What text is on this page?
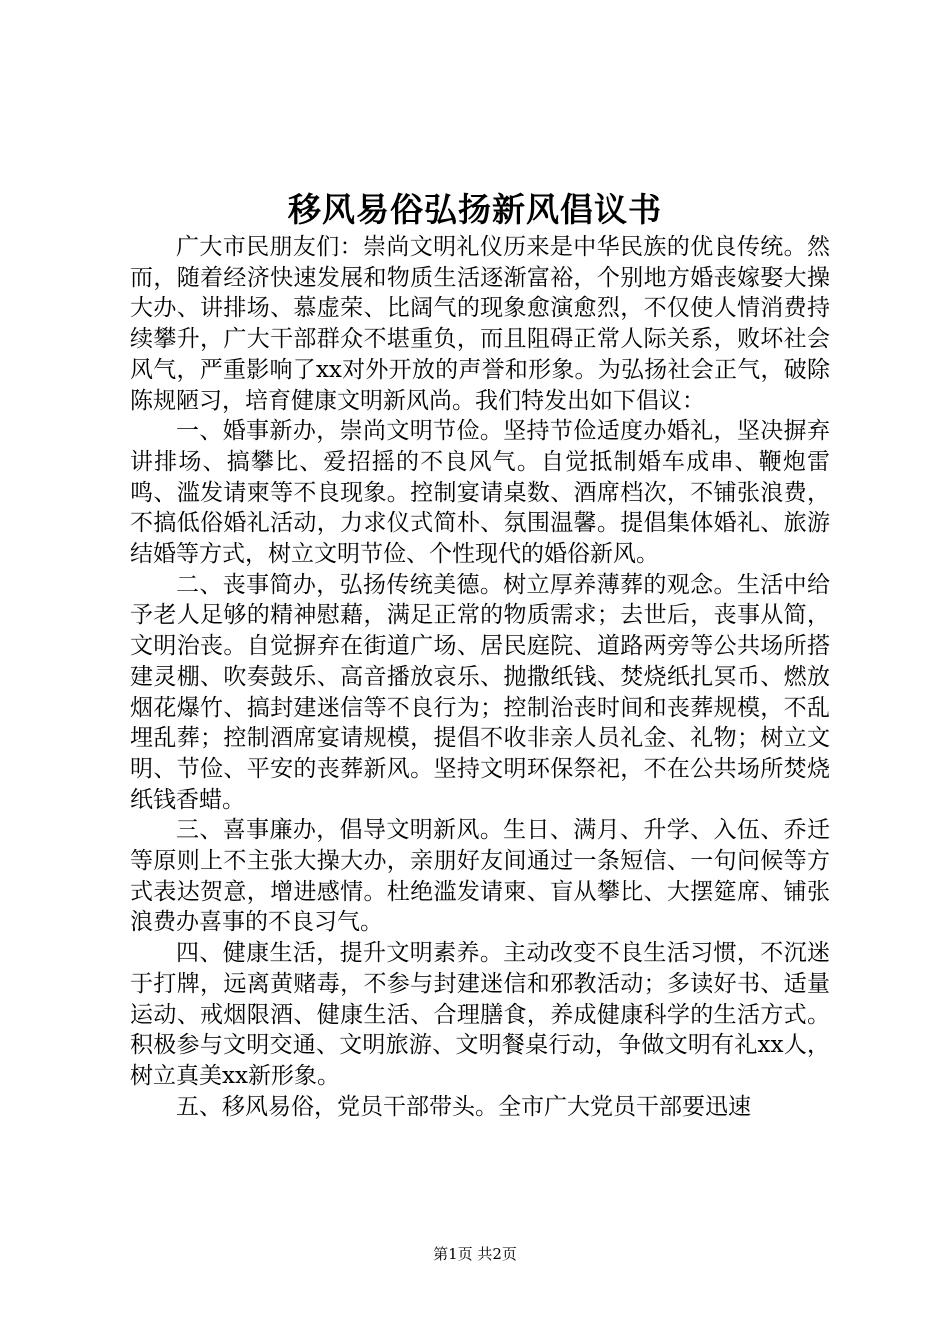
移风易俗弘扬新风倡议书

广大市民朋友们：崇尚文明礼仪历来是中华民族的优良传统。然而，随着经济快速发展和物质生活逐渐富裕，个别地方婚丧嫁娶大操大办、讲排场、慕虚荣、比阔气的现象愈演愈烈，不仅使人情消费持续攀升，广大干部群众不堪重负，而且阻碍正常人际关系，败坏社会风气，严重影响了xx对外开放的声誉和形象。为弘扬社会正气，破除陈规陋习，培育健康文明新风尚。我们特发出如下倡议：

一、婚事新办，崇尚文明节俭。坚持节俭适度办婚礼，坚决摒弃讲排场、搞攀比、爱招摇的不良风气。自觉抵制婚车成串、鞭炮雷鸣、滥发请柬等不良现象。控制宴请桌数、酒席档次，不铺张浪费，不搞低俗婚礼活动，力求仪式简朴、氛围温馨。提倡集体婚礼、旅游结婚等方式，树立文明节俭、个性现代的婚俗新风。

二、丧事简办，弘扬传统美德。树立厚养薄葬的观念。生活中给予老人足够的精神慰藉，满足正常的物质需求；去世后，丧事从简，文明治丧。自觉摒弃在街道广场、居民庭院、道路两旁等公共场所搭建灵棚、吹奏鼓乐、高音播放哀乐、抛撒纸钱、焚烧纸扎冥币、燃放烟花爆竹、搞封建迷信等不良行为；控制治丧时间和丧葬规模，不乱埋乱葬；控制酒席宴请规模，提倡不收非亲人员礼金、礼物；树立文明、节俭、平安的丧葬新风。坚持文明环保祭祀，不在公共场所焚烧纸钱香蜡。

三、喜事廉办，倡导文明新风。生日、满月、升学、入伍、乔迁等原则上不主张大操大办，亲朋好友间通过一条短信、一句问候等方式表达贺意，增进感情。杜绝滥发请柬、盲从攀比、大摆筵席、铺张浪费办喜事的不良习气。

四、健康生活，提升文明素养。主动改变不良生活习惯，不沉迷于打牌，远离黄赌毒，不参与封建迷信和邪教活动；多读好书、适量运动、戒烟限酒、健康生活、合理膳食，养成健康科学的生活方式。积极参与文明交通、文明旅游、文明餐桌行动，争做文明有礼xx人，树立真美xx新形象。

五、移风易俗，党员干部带头。全市广大党员干部要迅速

第1页 共2页
